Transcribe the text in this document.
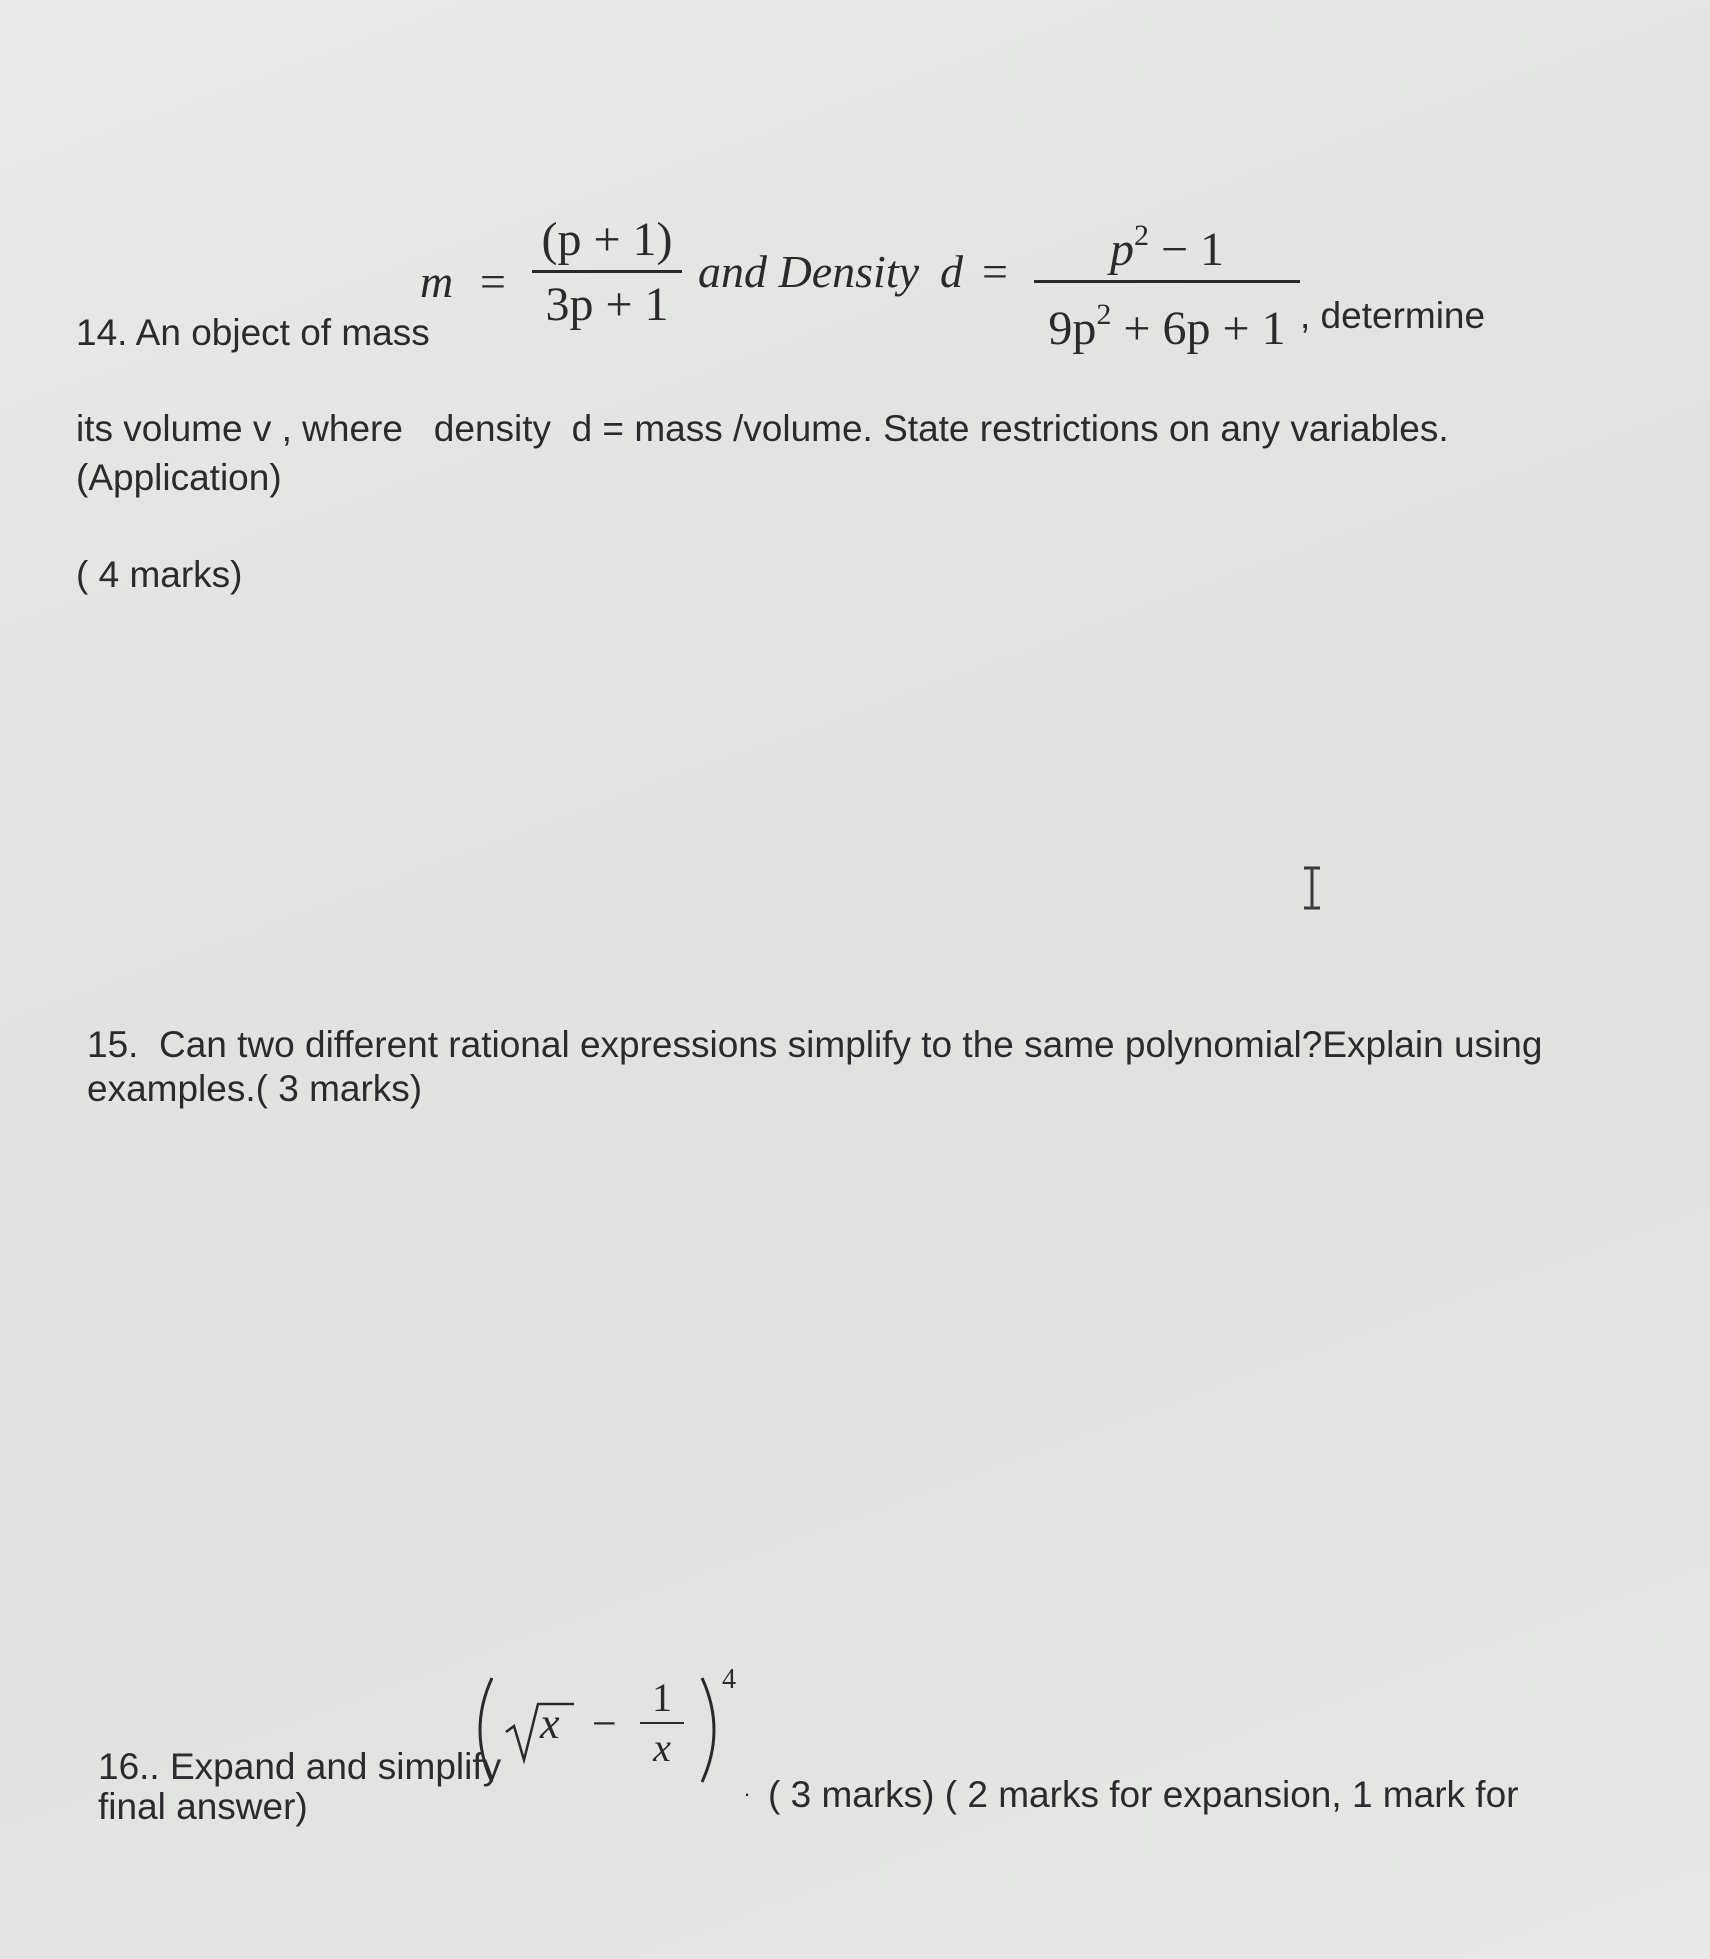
14. An object of mass
m =
(p + 1)
3p + 1
and Density d =	$p^2 - 1$
$9p^2 + 6p + 1$ , determine
its volume v , where   density  d = mass /volume. State restrictions on any variables.
(Application)
( 4 marks)
15.  Can two different rational expressions simplify to the same polynomial?Explain using
examples.( 3 marks)
16.. Expand and simplify
final answer)
x −
1
x
4
. ( 3 marks) ( 2 marks for expansion, 1 mark for
